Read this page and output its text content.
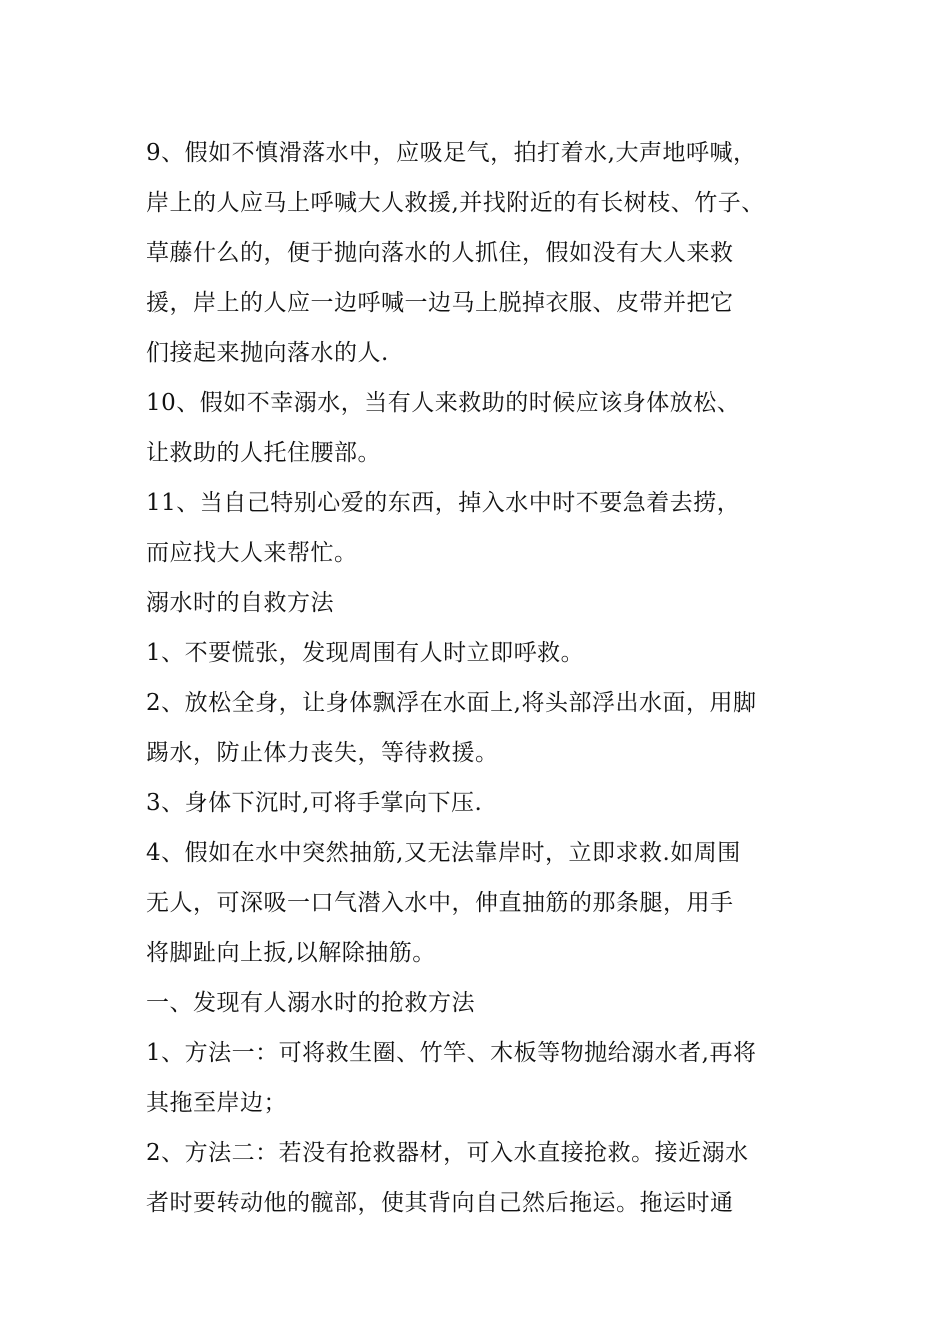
9、假如不慎滑落水中，应吸足气，拍打着水,大声地呼喊，
岸上的人应马上呼喊大人救援,并找附近的有长树枝、竹子、
草藤什么的，便于抛向落水的人抓住，假如没有大人来救
援，岸上的人应一边呼喊一边马上脱掉衣服、皮带并把它
们接起来抛向落水的人.
10、假如不幸溺水，当有人来救助的时候应该身体放松、
让救助的人托住腰部。
11、当自己特别心爱的东西，掉入水中时不要急着去捞，
而应找大人来帮忙。
溺水时的自救方法
1、不要慌张，发现周围有人时立即呼救。
2、放松全身，让身体飘浮在水面上,将头部浮出水面，用脚
踢水，防止体力丧失，等待救援。
3、身体下沉时,可将手掌向下压.
4、假如在水中突然抽筋,又无法靠岸时，立即求救.如周围
无人，可深吸一口气潜入水中，伸直抽筋的那条腿，用手
将脚趾向上扳,以解除抽筋。
一、发现有人溺水时的抢救方法
1、方法一：可将救生圈、竹竿、木板等物抛给溺水者,再将
其拖至岸边；
2、方法二：若没有抢救器材，可入水直接抢救。接近溺水
者时要转动他的髋部，使其背向自己然后拖运。拖运时通
